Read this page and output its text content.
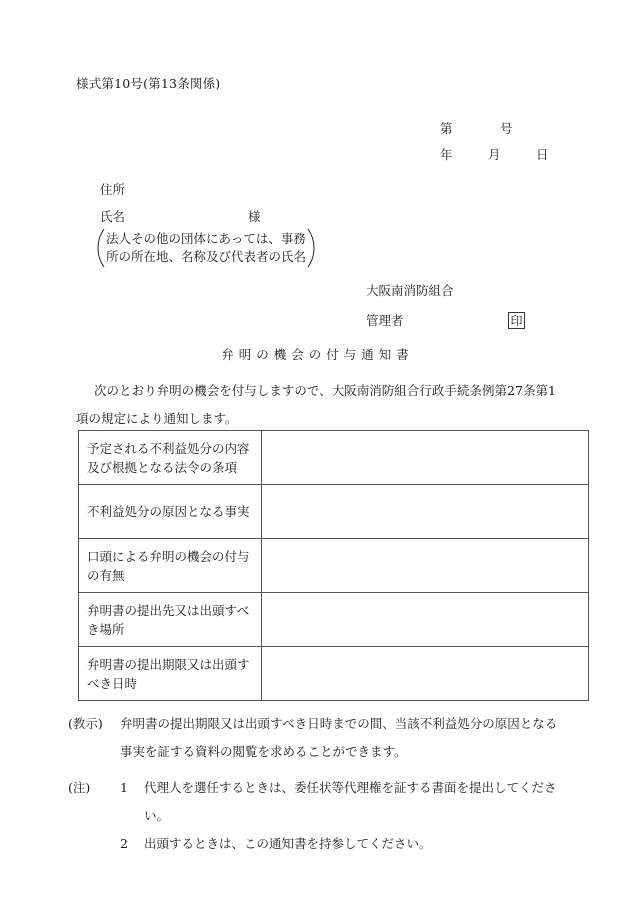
様式第10号(第13条関係)
第	号
年	月	日
住所
氏名	様
法人その他の団体にあっては、事務
所の所在地、名称及び代表者の氏名
大阪南消防組合
管理者	印
弁明の機会の付与通知書
次のとおり弁明の機会を付与しますので、大阪南消防組合行政手続条例第27条第1項の規定により通知します。
予定される不利益処分の内容及び根拠となる法令の条項	
不利益処分の原因となる事実	
口頭による弁明の機会の付与の有無	
弁明書の提出先又は出頭すべき場所	
弁明書の提出期限又は出頭すべき日時	
(教示)	弁明書の提出期限又は出頭すべき日時までの間、当該不利益処分の原因となる事実を証する資料の閲覧を求めることができます。
(注)	1	代理人を選任するときは、委任状等代理権を証する書面を提出してください。
2	出頭するときは、この通知書を持参してください。
